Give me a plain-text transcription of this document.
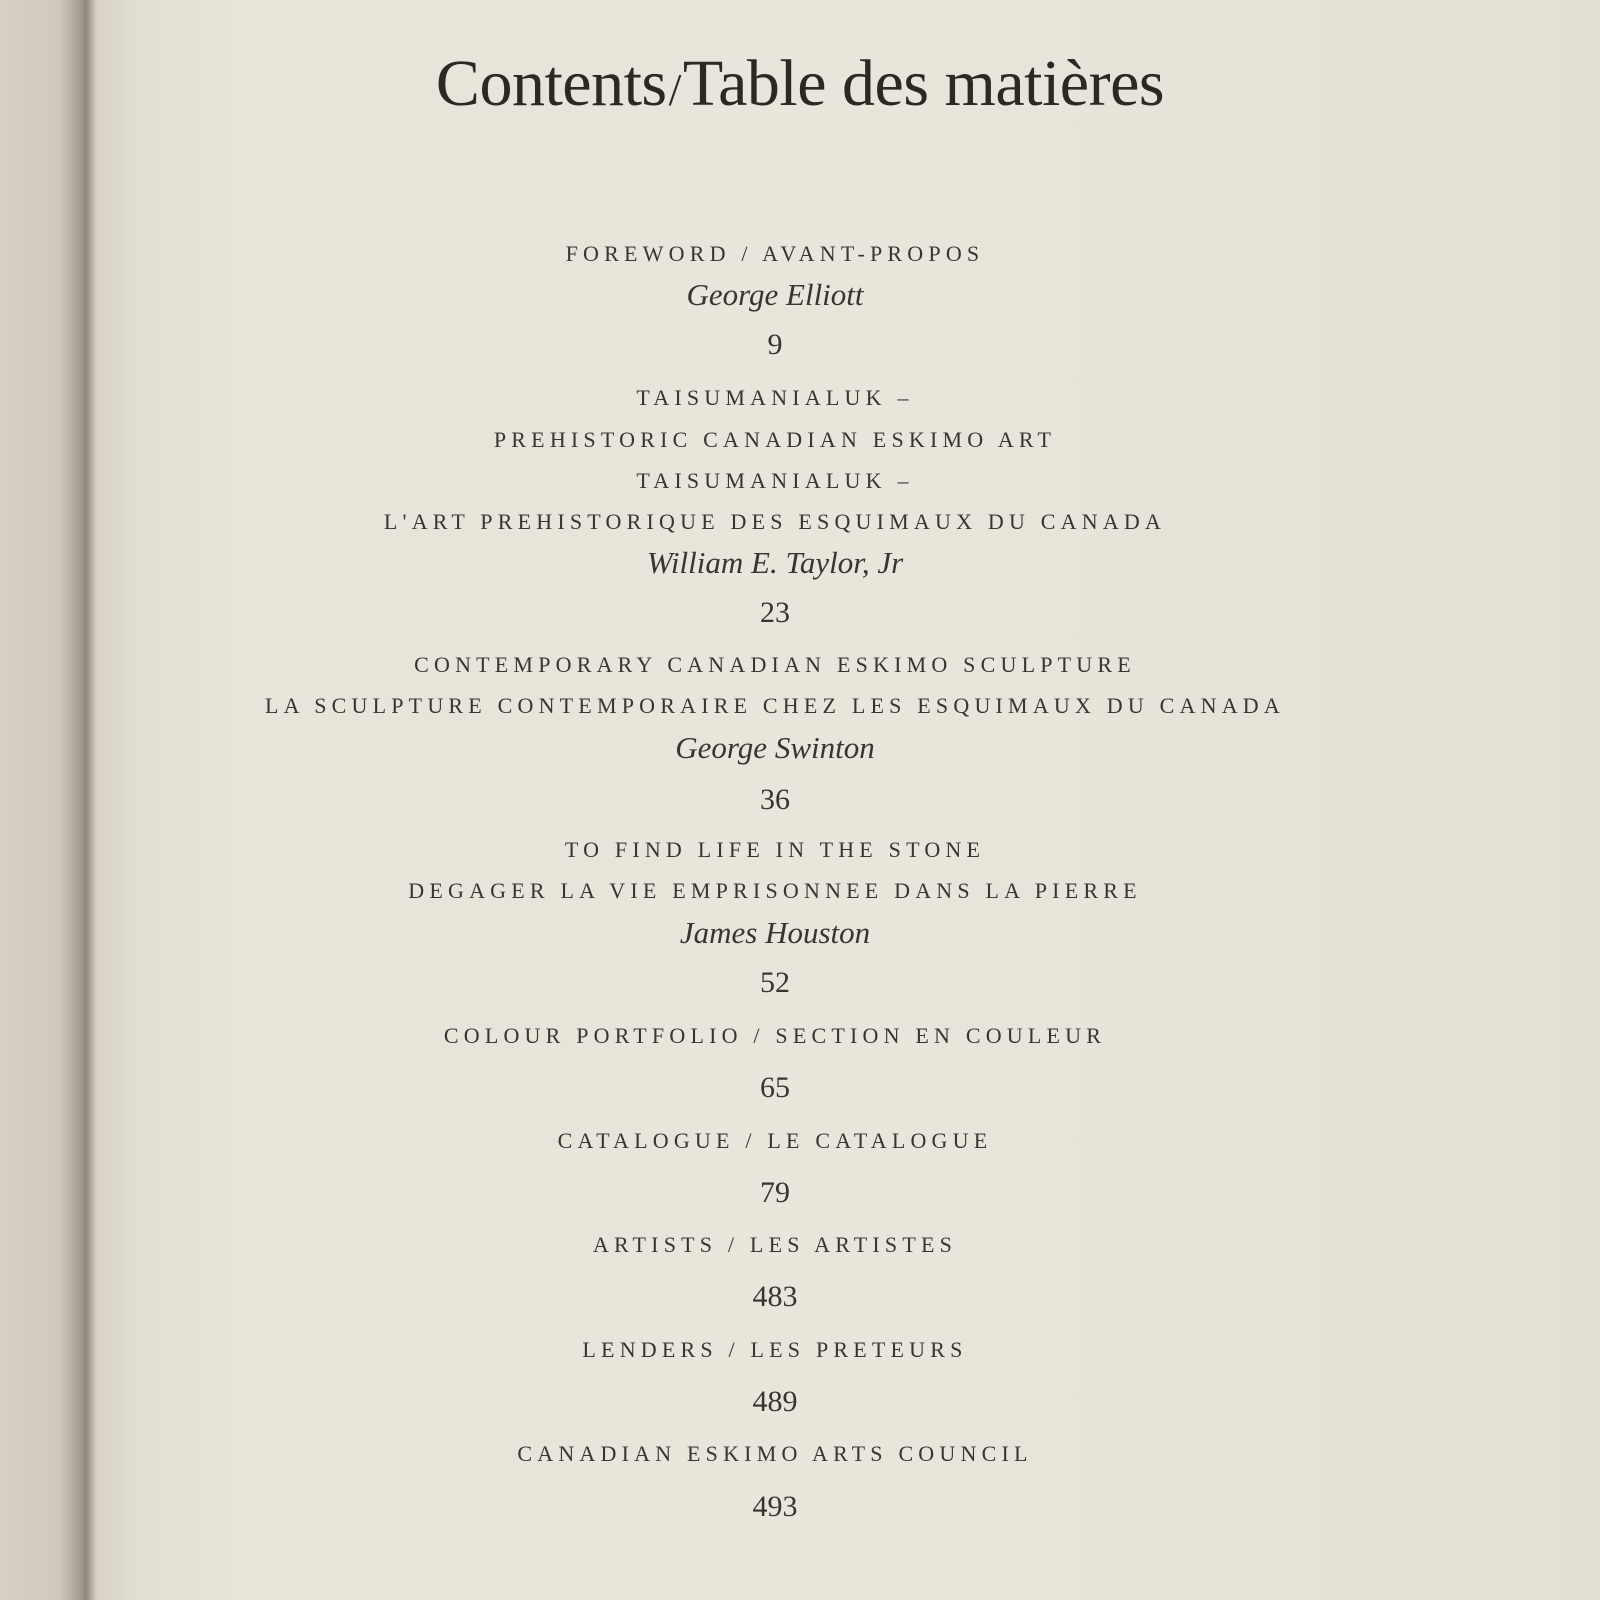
Contents/Table des matières
FOREWORD / AVANT-PROPOS
George Elliott
9
TAISUMANIALUK –
PREHISTORIC CANADIAN ESKIMO ART
TAISUMANIALUK –
L'ART PREHISTORIQUE DES ESQUIMAUX DU CANADA
William E. Taylor, Jr
23
CONTEMPORARY CANADIAN ESKIMO SCULPTURE
LA SCULPTURE CONTEMPORAIRE CHEZ LES ESQUIMAUX DU CANADA
George Swinton
36
TO FIND LIFE IN THE STONE
DEGAGER LA VIE EMPRISONNEE DANS LA PIERRE
James Houston
52
COLOUR PORTFOLIO / SECTION EN COULEUR
65
CATALOGUE / LE CATALOGUE
79
ARTISTS / LES ARTISTES
483
LENDERS / LES PRETEURS
489
CANADIAN ESKIMO ARTS COUNCIL
493
